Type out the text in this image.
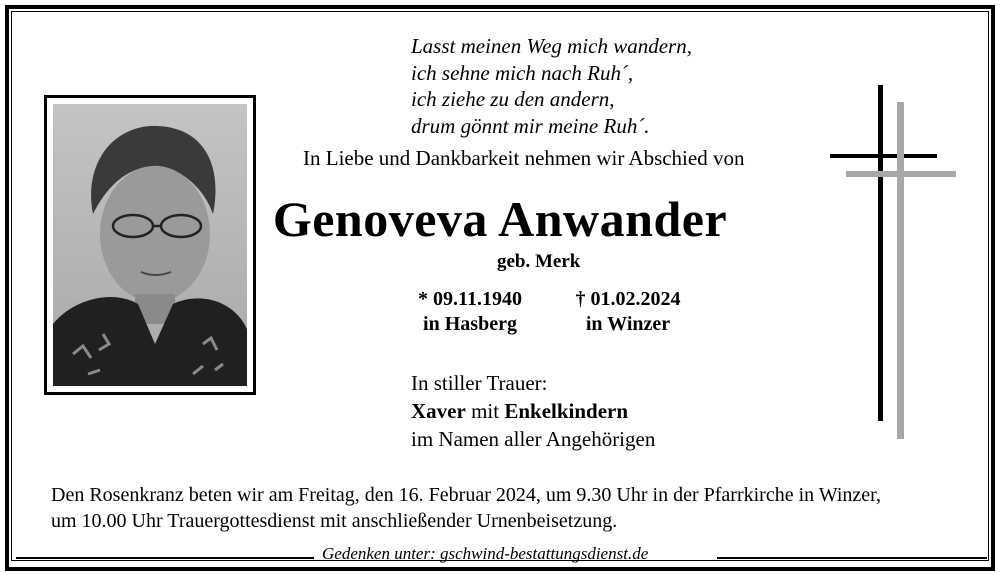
Lasst meinen Weg mich wandern,
ich sehne mich nach Ruh´,
ich ziehe zu den andern,
drum gönnt mir meine Ruh´.
In Liebe und Dankbarkeit nehmen wir Abschied von
Genoveva Anwander
geb. Merk
* 09.11.1940
in Hasberg
† 01.02.2024
in Winzer
In stiller Trauer:
Xaver mit Enkelkindern
im Namen aller Angehörigen
Den Rosenkranz beten wir am Freitag, den 16. Februar 2024, um 9.30 Uhr in der Pfarrkirche in Winzer,
um 10.00 Uhr Trauergottesdienst mit anschließender Urnenbeisetzung.
Gedenken unter: gschwind-bestattungsdienst.de
